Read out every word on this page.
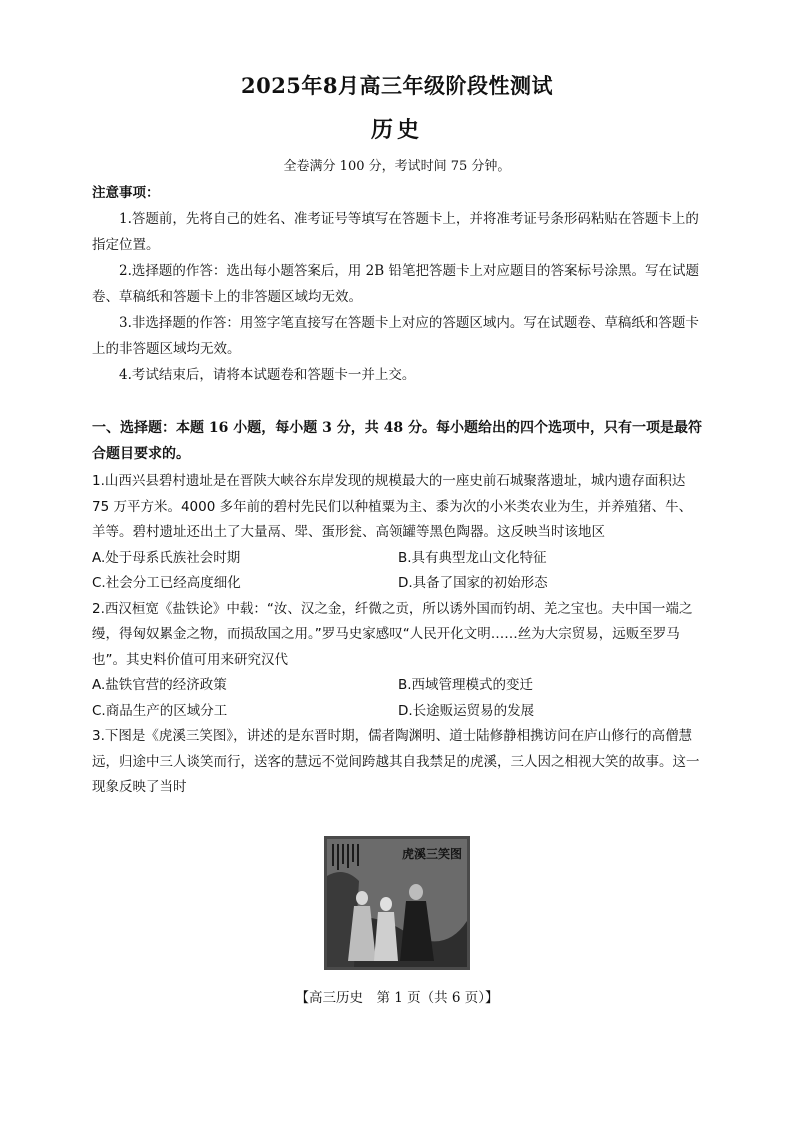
2025年8月高三年级阶段性测试
历史
全卷满分 100 分，考试时间 75 分钟。
注意事项：

1.答题前，先将自己的姓名、准考证号等填写在答题卡上，并将准考证号条形码粘贴在答题卡上的指定位置。

2.选择题的作答：选出每小题答案后，用 2B 铅笔把答题卡上对应题目的答案标号涂黑。写在试题卷、草稿纸和答题卡上的非答题区域均无效。

3.非选择题的作答：用签字笔直接写在答题卡上对应的答题区域内。写在试题卷、草稿纸和答题卡上的非答题区域均无效。

4.考试结束后，请将本试题卷和答题卡一并上交。

一、选择题：本题 16 小题，每小题 3 分，共 48 分。每小题给出的四个选项中，只有一项是最符合题目要求的。

1.山西兴县碧村遗址是在晋陕大峡谷东岸发现的规模最大的一座史前石城聚落遗址，城内遗存面积达 75 万平方米。4000 多年前的碧村先民们以种植粟为主、黍为次的小米类农业为生，并养殖猪、牛、羊等。碧村遗址还出土了大量鬲、斝、蛋形瓮、高领罐等黑色陶器。这反映当时该地区

A.处于母系氏族社会时期	B.具有典型龙山文化特征

C.社会分工已经高度细化	D.具备了国家的初始形态

2.西汉桓宽《盐铁论》中载：“汝、汉之金，纤微之贡，所以诱外国而钓胡、羌之宝也。夫中国一端之缦，得匈奴累金之物，而损敌国之用。”罗马史家感叹“人民开化文明……丝为大宗贸易，远贩至罗马也”。其史料价值可用来研究汉代

A.盐铁官营的经济政策	B.西域管理模式的变迁

C.商品生产的区域分工	D.长途贩运贸易的发展

3.下图是《虎溪三笑图》，讲述的是东晋时期，儒者陶渊明、道士陆修静相携访问在庐山修行的高僧慧远，归途中三人谈笑而行，送客的慧远不觉间跨越其自我禁足的虎溪，三人因之相视大笑的故事。这一现象反映了当时

虎溪三笑图
【高三历史　第 1 页（共 6 页）】
